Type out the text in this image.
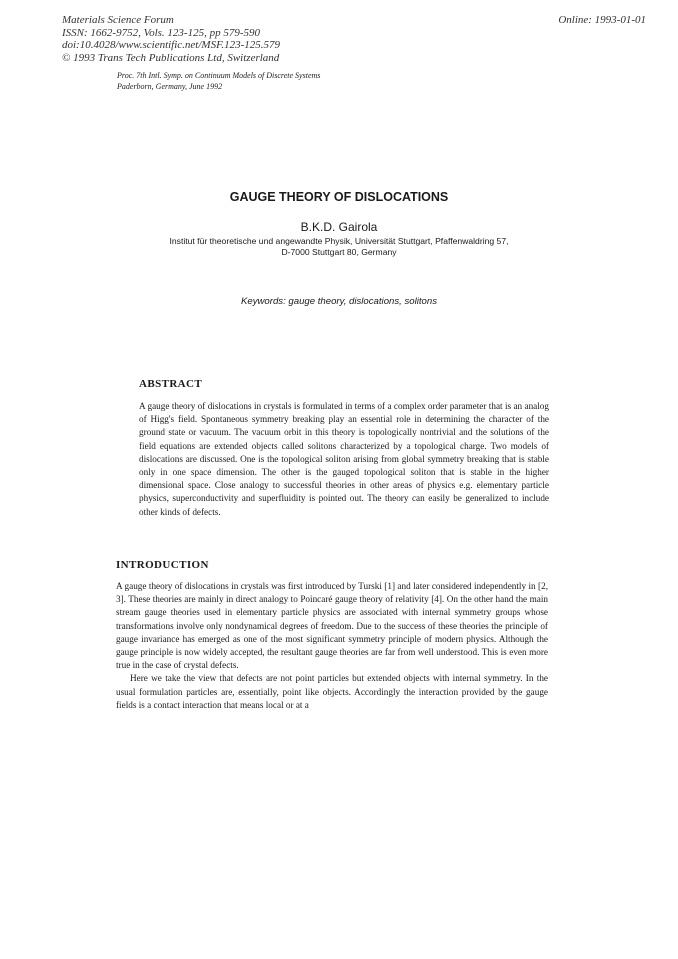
Materials Science Forum
ISSN: 1662-9752, Vols. 123-125, pp 579-590
doi:10.4028/www.scientific.net/MSF.123-125.579
© 1993 Trans Tech Publications Ltd, Switzerland
Online: 1993-01-01
Proc. 7th Intl. Symp. on Continuum Models of Discrete Systems
Paderborn, Germany, June 1992
GAUGE THEORY OF DISLOCATIONS
B.K.D. Gairola
Institut für theoretische und angewandte Physik, Universität Stuttgart, Pfaffenwaldring 57,
D-7000 Stuttgart 80, Germany
Keywords: gauge theory, dislocations, solitons
ABSTRACT
A gauge theory of dislocations in crystals is formulated in terms of a complex order parameter that is an analog of Higg's field. Spontaneous symmetry breaking play an essential role in determining the character of the ground state or vacuum. The vacuum orbit in this theory is topologically nontrivial and the solutions of the field equations are extended objects called solitons characterized by a topological charge. Two models of dislocations are discussed. One is the topological soliton arising from global symmetry breaking that is stable only in one space dimension. The other is the gauged topological soliton that is stable in the higher dimensional space. Close analogy to successful theories in other areas of physics e.g. elementary particle physics, superconductivity and superfluidity is pointed out. The theory can easily be generalized to include other kinds of defects.
INTRODUCTION

A gauge theory of dislocations in crystals was first introduced by Turski [1] and later considered independently in [2, 3]. These theories are mainly in direct analogy to Poincaré gauge theory of relativity [4]. On the other hand the main stream gauge theories used in elementary particle physics are associated with internal symmetry groups whose transformations involve only nondynamical degrees of freedom. Due to the success of these theories the principle of gauge invariance has emerged as one of the most significant symmetry principle of modern physics. Although the gauge principle is now widely accepted, the resultant gauge theories are far from well understood. This is even more true in the case of crystal defects.

Here we take the view that defects are not point particles but extended objects with internal symmetry. In the usual formulation particles are, essentially, point like objects. Accordingly the interaction provided by the gauge fields is a contact interaction that means local or at a
